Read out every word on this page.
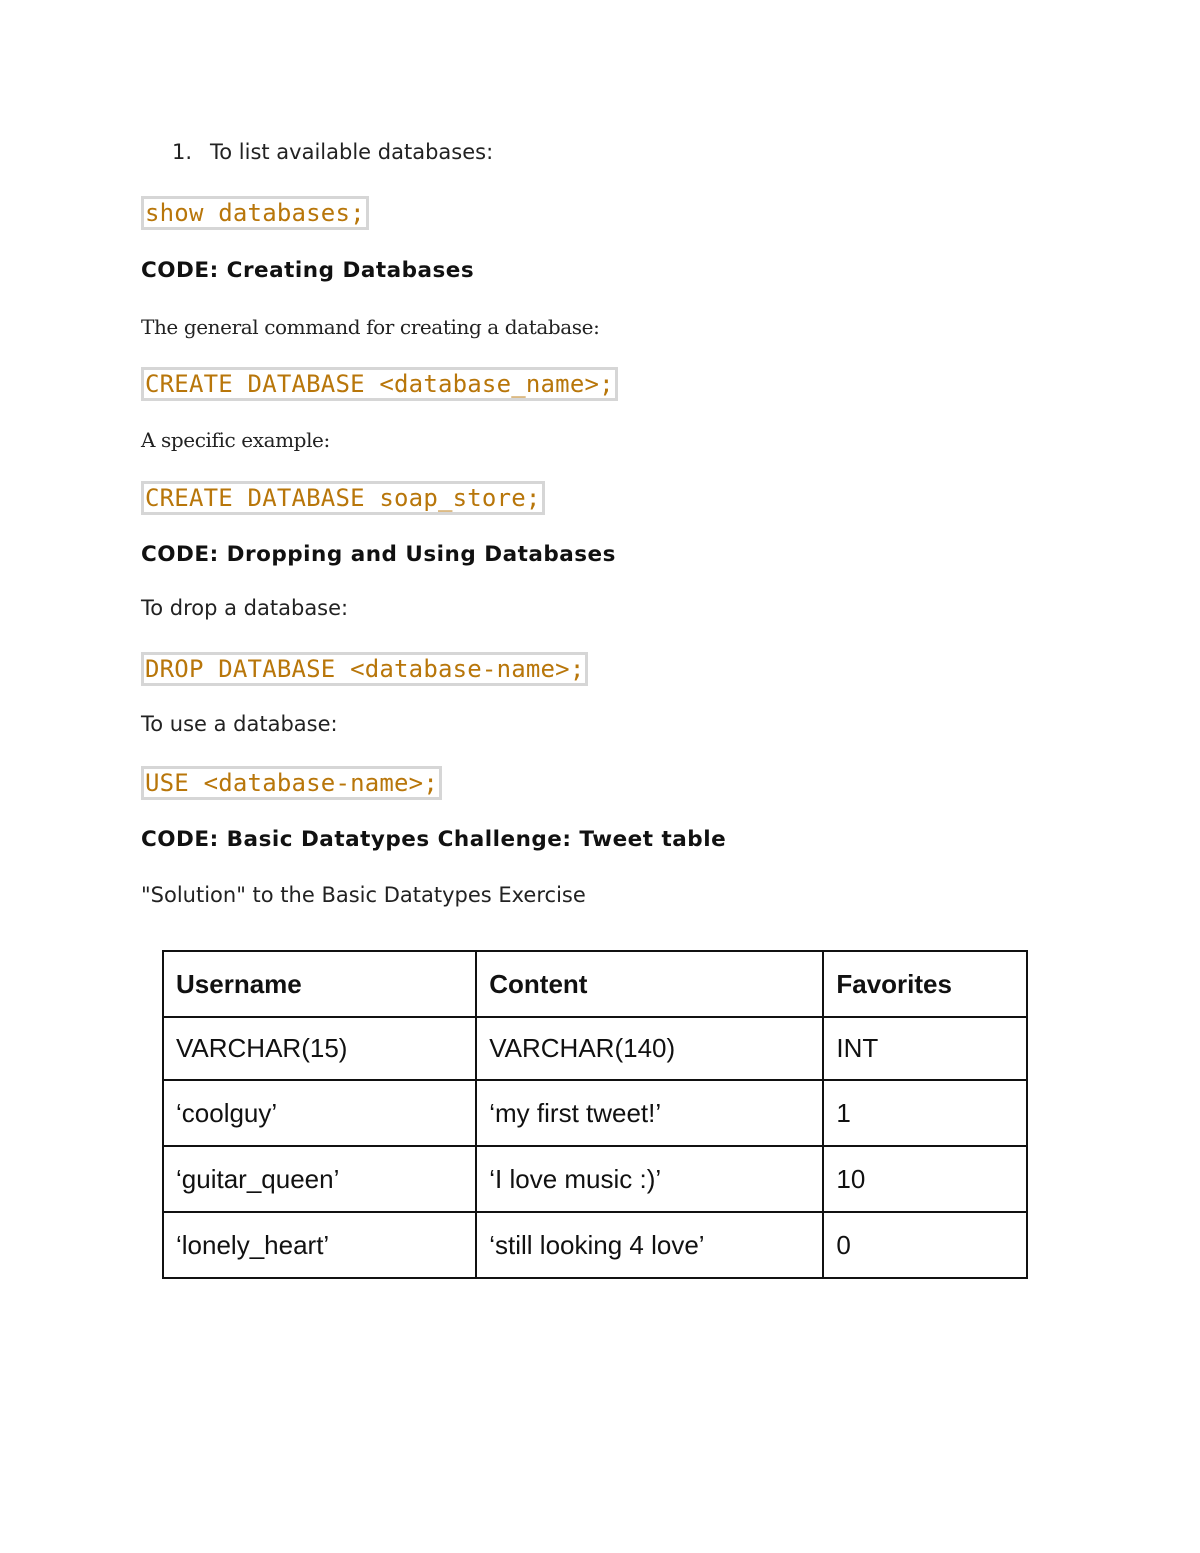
1. To list available databases:
show databases;
CODE: Creating Databases

The general command for creating a database:

CREATE DATABASE <database_name>;

A specific example:

CREATE DATABASE soap_store;
CODE: Dropping and Using Databases

To drop a database:

DROP DATABASE <database-name>;

To use a database:

USE <database-name>;
CODE: Basic Datatypes Challenge: Tweet table

"Solution" to the Basic Datatypes Exercise

Username	Content	Favorites
VARCHAR(15)	VARCHAR(140)	INT
‘coolguy’	‘my first tweet!’	1
‘guitar_queen’	‘I love music :)’	10
‘lonely_heart’	‘still looking 4 love’	0
